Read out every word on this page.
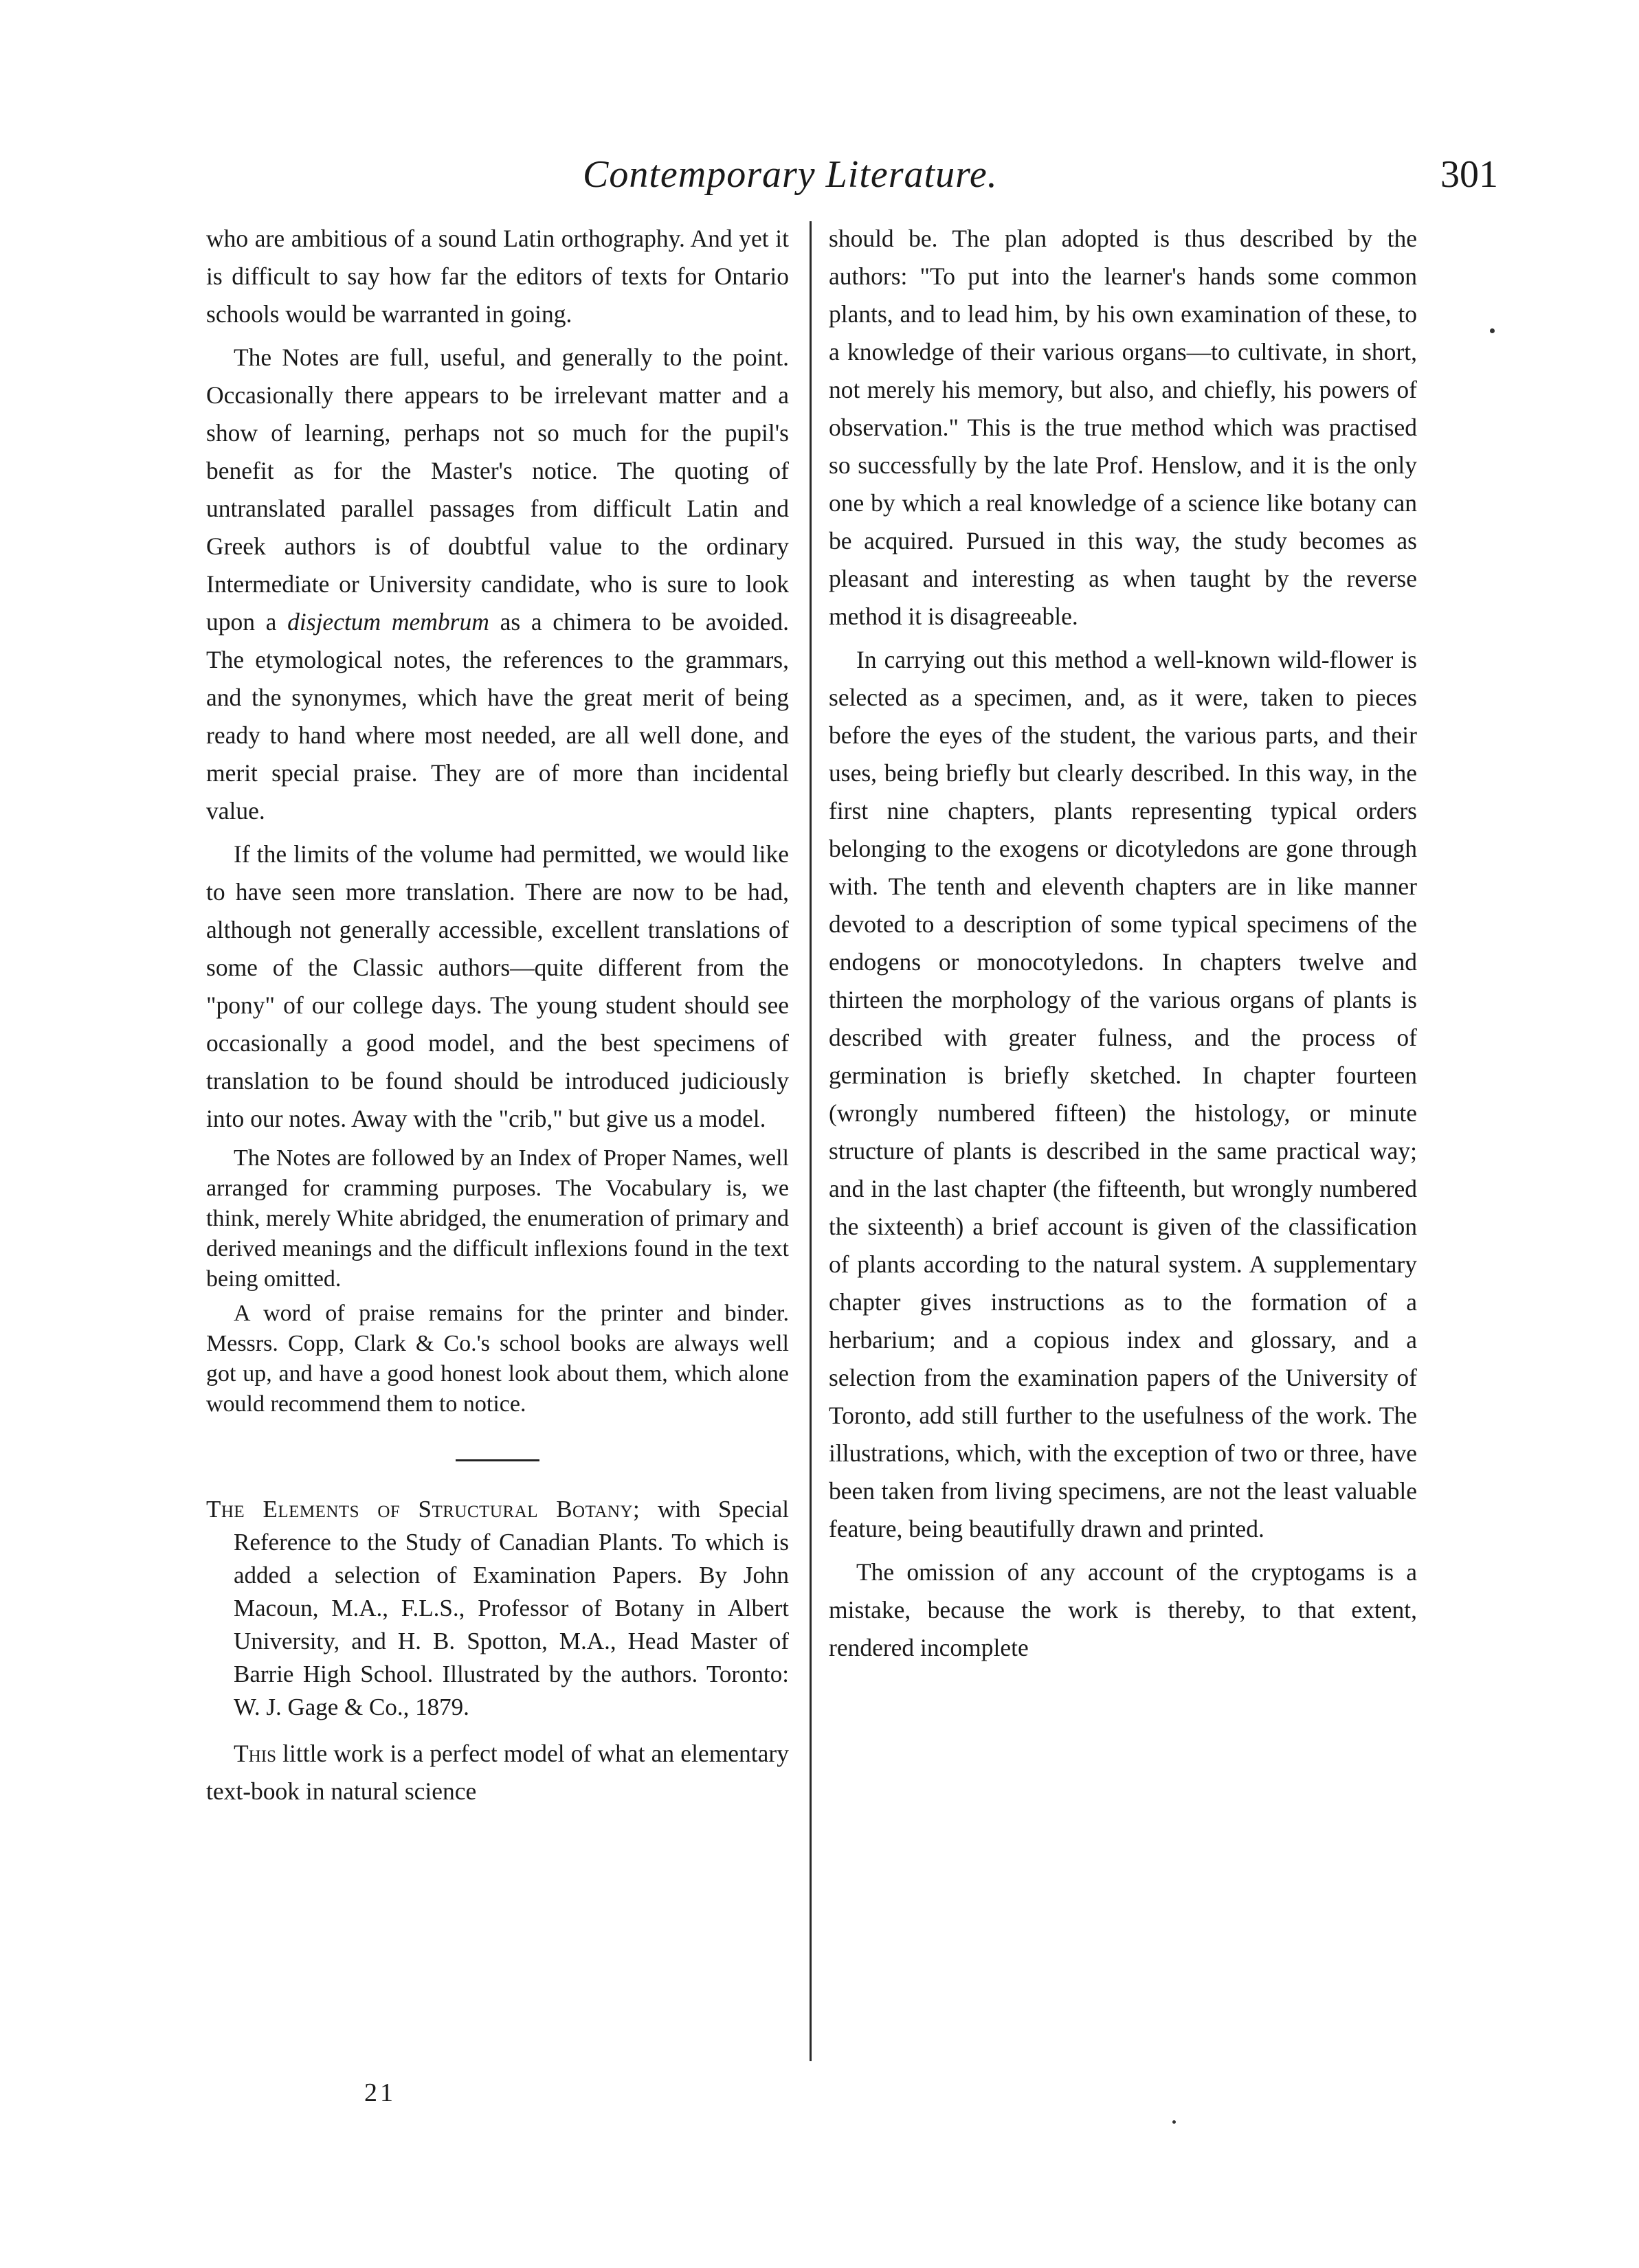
Contemporary Literature.	301

who are ambitious of a sound Latin orthography. And yet it is difficult to say how far the editors of texts for Ontario schools would be warranted in going.

The Notes are full, useful, and generally to the point. Occasionally there appears to be irrelevant matter and a show of learning, perhaps not so much for the pupil's benefit as for the Master's notice. The quoting of untranslated parallel passages from difficult Latin and Greek authors is of doubtful value to the ordinary Intermediate or University candidate, who is sure to look upon a disjectum membrum as a chimera to be avoided. The etymological notes, the references to the grammars, and the synonymes, which have the great merit of being ready to hand where most needed, are all well done, and merit special praise. They are of more than incidental value.

If the limits of the volume had permitted, we would like to have seen more translation. There are now to be had, although not generally accessible, excellent translations of some of the Classic authors—quite different from the "pony" of our college days. The young student should see occasionally a good model, and the best specimens of translation to be found should be introduced judiciously into our notes. Away with the "crib," but give us a model.

The Notes are followed by an Index of Proper Names, well arranged for cramming purposes. The Vocabulary is, we think, merely White abridged, the enumeration of primary and derived meanings and the difficult inflexions found in the text being omitted.

A word of praise remains for the printer and binder. Messrs. Copp, Clark & Co.'s school books are always well got up, and have a good honest look about them, which alone would recommend them to notice.

The Elements of Structural Botany; with Special Reference to the Study of Canadian Plants. To which is added a selection of Examination Papers. By John Macoun, M.A., F.L.S., Professor of Botany in Albert University, and H. B. Spotton, M.A., Head Master of Barrie High School. Illustrated by the authors. Toronto: W. J. Gage & Co., 1879.

This little work is a perfect model of what an elementary text-book in natural science

should be. The plan adopted is thus described by the authors: "To put into the learner's hands some common plants, and to lead him, by his own examination of these, to a knowledge of their various organs—to cultivate, in short, not merely his memory, but also, and chiefly, his powers of observation." This is the true method which was practised so successfully by the late Prof. Henslow, and it is the only one by which a real knowledge of a science like botany can be acquired. Pursued in this way, the study becomes as pleasant and interesting as when taught by the reverse method it is disagreeable.

In carrying out this method a well-known wild-flower is selected as a specimen, and, as it were, taken to pieces before the eyes of the student, the various parts, and their uses, being briefly but clearly described. In this way, in the first nine chapters, plants representing typical orders belonging to the exogens or dicotyledons are gone through with. The tenth and eleventh chapters are in like manner devoted to a description of some typical specimens of the endogens or monocotyledons. In chapters twelve and thirteen the morphology of the various organs of plants is described with greater fulness, and the process of germination is briefly sketched. In chapter fourteen (wrongly numbered fifteen) the histology, or minute structure of plants is described in the same practical way; and in the last chapter (the fifteenth, but wrongly numbered the sixteenth) a brief account is given of the classification of plants according to the natural system. A supplementary chapter gives instructions as to the formation of a herbarium; and a copious index and glossary, and a selection from the examination papers of the University of Toronto, add still further to the usefulness of the work. The illustrations, which, with the exception of two or three, have been taken from living specimens, are not the least valuable feature, being beautifully drawn and printed.

The omission of any account of the cryptogams is a mistake, because the work is thereby, to that extent, rendered incomplete

21
